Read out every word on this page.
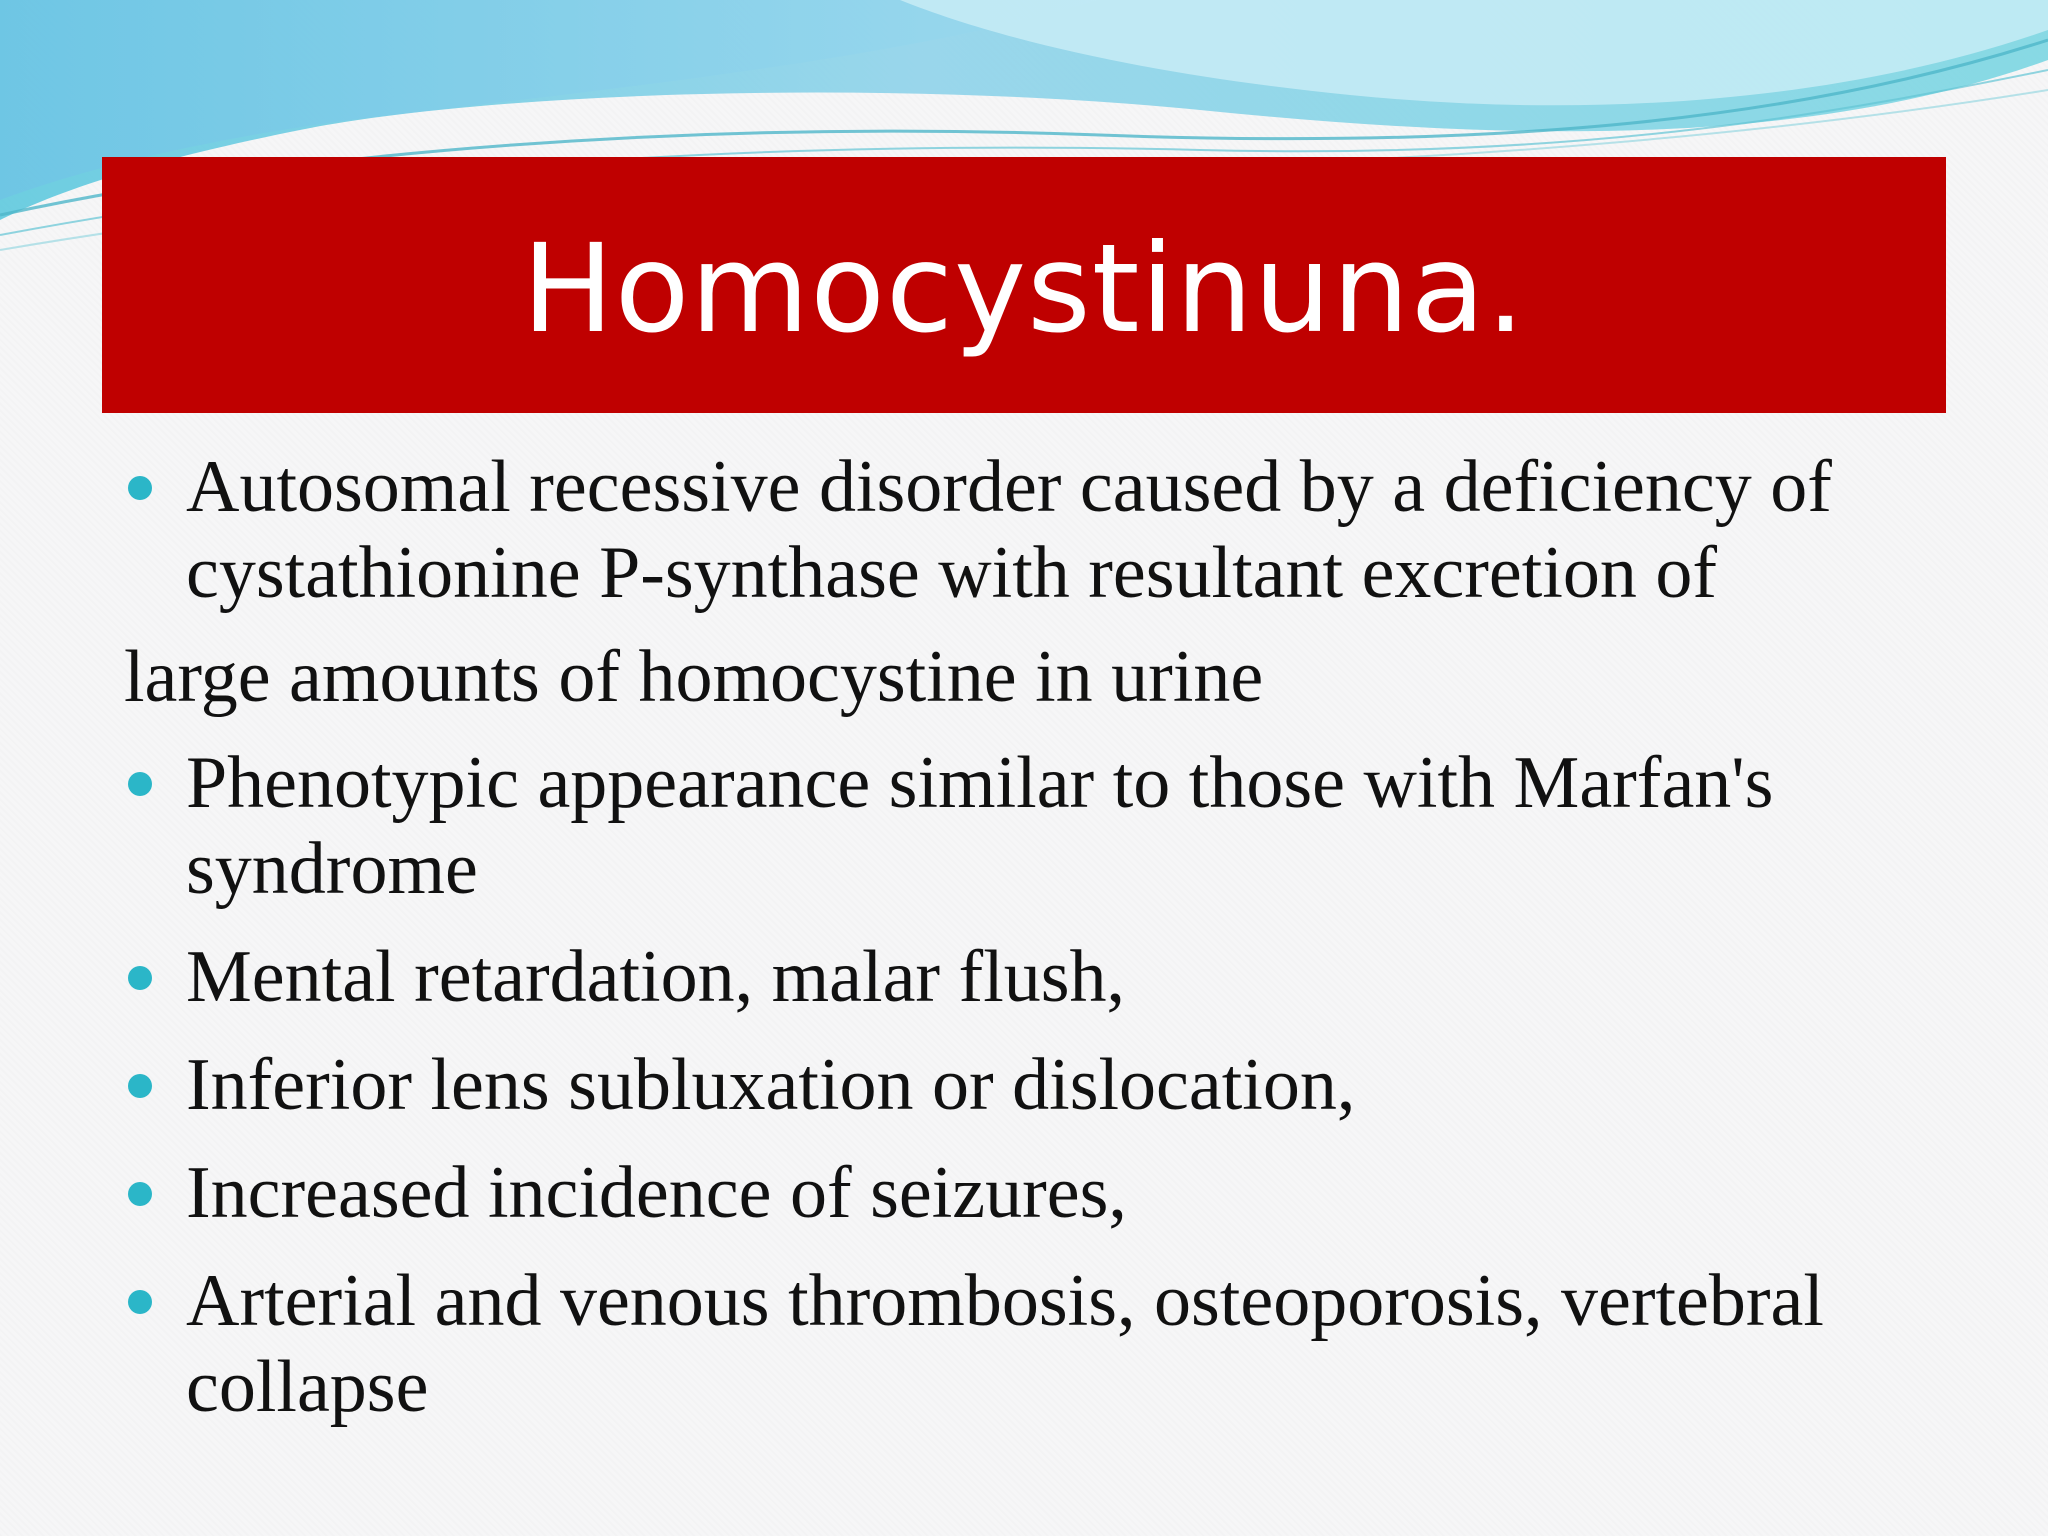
Homocystinuna.
Autosomal recessive disorder caused by a deficiency of cystathionine P-synthase with resultant excretion of
large amounts of homocystine in urine
Phenotypic appearance similar to those with Marfan's syndrome
Mental retardation, malar flush,
Inferior lens subluxation or dislocation,
Increased incidence of seizures,
Arterial and venous thrombosis, osteoporosis, vertebral collapse
